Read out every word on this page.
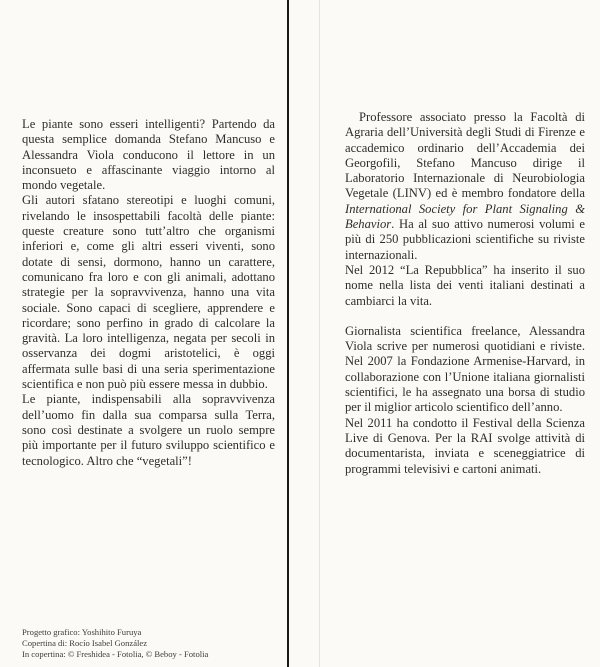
Le piante sono esseri intelligenti? Partendo da questa semplice domanda Stefano Mancuso e Alessandra Viola conducono il lettore in un inconsueto e affascinante viaggio intorno al mondo vegetale.

Gli autori sfatano stereotipi e luoghi comuni, rivelando le insospettabili facoltà delle piante: queste creature sono tutt’altro che organismi inferiori e, come gli altri esseri viventi, sono dotate di sensi, dormono, hanno un carattere, comunicano fra loro e con gli animali, adottano strategie per la sopravvivenza, hanno una vita sociale. Sono capaci di scegliere, apprendere e ricordare; sono perfino in grado di calcolare la gravità. La loro intelligenza, negata per secoli in osservanza dei dogmi aristotelici, è oggi affermata sulle basi di una seria sperimentazione scientifica e non può più essere messa in dubbio.

Le piante, indispensabili alla sopravvivenza dell’uomo fin dalla sua comparsa sulla Terra, sono così destinate a svolgere un ruolo sempre più importante per il futuro sviluppo scientifico e tecnologico. Altro che “vegetali”!

Progetto grafico: Yoshihito Furuya
Copertina di: Rocío Isabel González
In copertina: © Freshidea - Fotolia, © Beboy - Fotolia

Professore associato presso la Facoltà di Agraria dell’Università degli Studi di Firenze e accademico ordinario dell’Accademia dei Georgofili, Stefano Mancuso dirige il Laboratorio Internazionale di Neurobiologia Vegetale (LINV) ed è membro fondatore della International Society for Plant Signaling & Behavior. Ha al suo attivo numerosi volumi e più di 250 pubblicazioni scientifiche su riviste internazionali.

Nel 2012 “La Repubblica” ha inserito il suo nome nella lista dei venti italiani destinati a cambiarci la vita.

Giornalista scientifica freelance, Alessandra Viola scrive per numerosi quotidiani e riviste. Nel 2007 la Fondazione Armenise-Harvard, in collaborazione con l’Unione italiana giornalisti scientifici, le ha assegnato una borsa di studio per il miglior articolo scientifico dell’anno.

Nel 2011 ha condotto il Festival della Scienza Live di Genova. Per la RAI svolge attività di documentarista, inviata e sceneggiatrice di programmi televisivi e cartoni animati.
